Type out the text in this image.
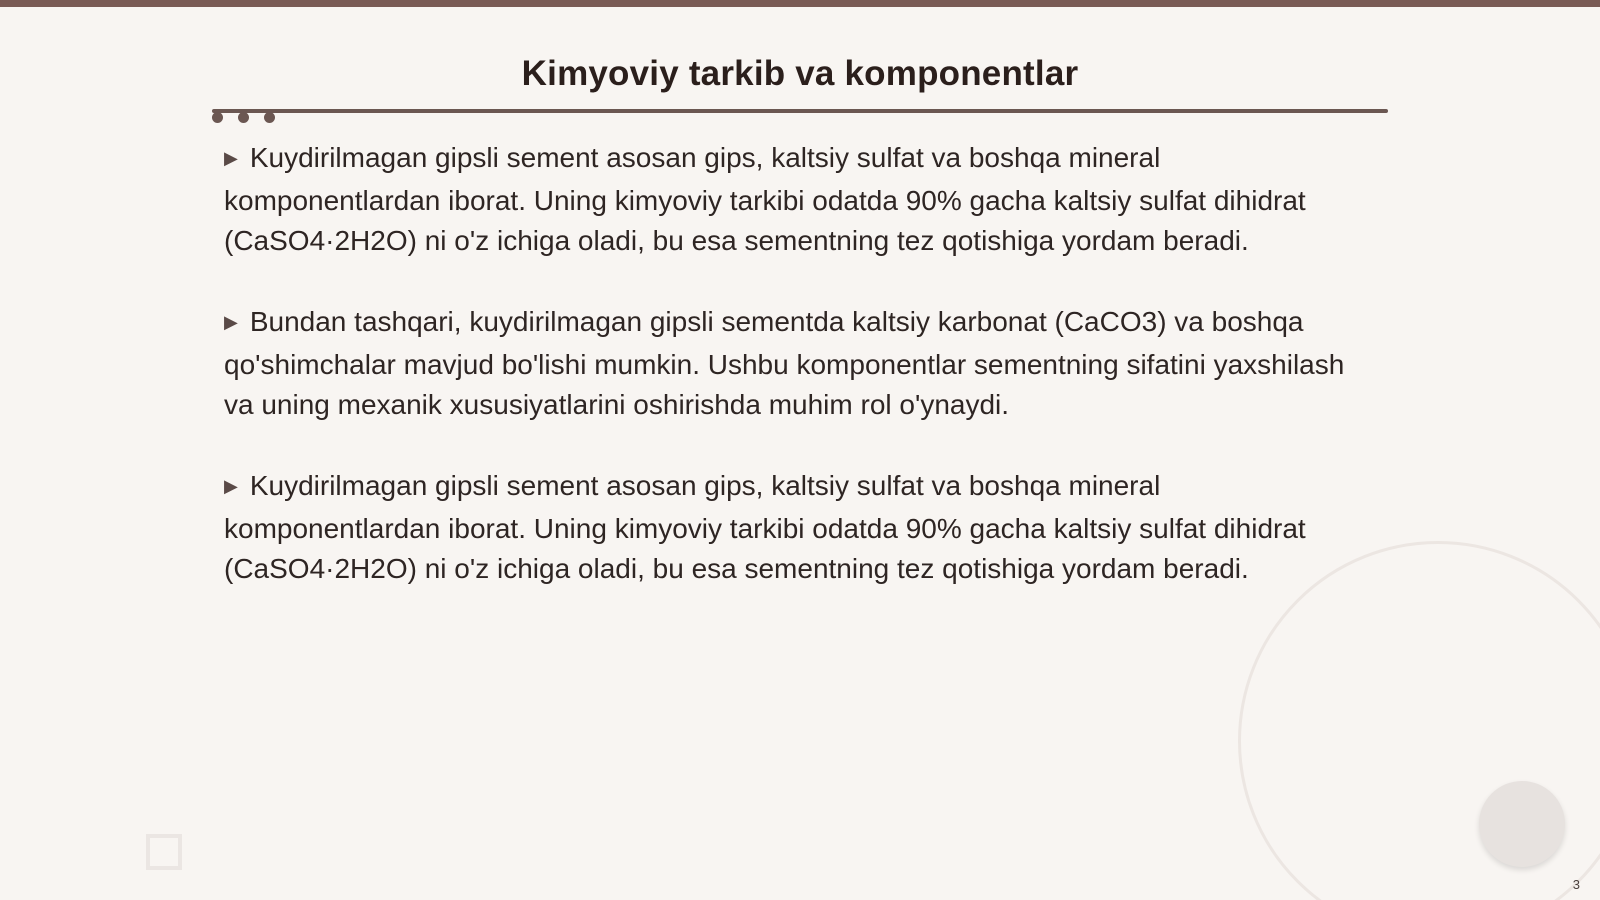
Kimyoviy tarkib va komponentlar

▶ Kuydirilmagan gipsli sement asosan gips, kaltsiy sulfat va boshqa mineral komponentlardan iborat. Uning kimyoviy tarkibi odatda 90% gacha kaltsiy sulfat dihidrat (CaSO4·2H2O) ni o'z ichiga oladi, bu esa sementning tez qotishiga yordam beradi.

▶ Bundan tashqari, kuydirilmagan gipsli sementda kaltsiy karbonat (CaCO3) va boshqa qo'shimchalar mavjud bo'lishi mumkin. Ushbu komponentlar sementning sifatini yaxshilash va uning mexanik xususiyatlarini oshirishda muhim rol o'ynaydi.

▶ Kuydirilmagan gipsli sement asosan gips, kaltsiy sulfat va boshqa mineral komponentlardan iborat. Uning kimyoviy tarkibi odatda 90% gacha kaltsiy sulfat dihidrat (CaSO4·2H2O) ni o'z ichiga oladi, bu esa sementning tez qotishiga yordam beradi.

3
